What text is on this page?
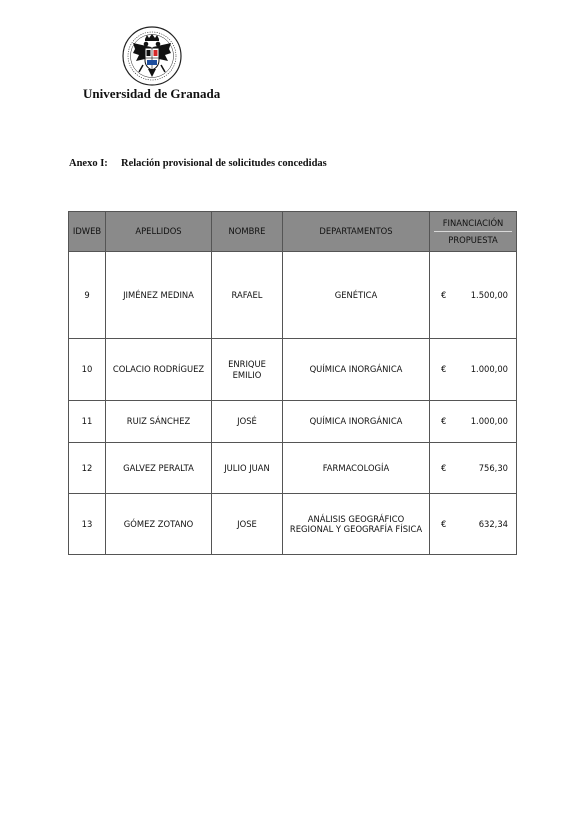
Universidad de Granada
Anexo I: Relación provisional de solicitudes concedidas
IDWEB	APELLIDOS	NOMBRE	DEPARTAMENTOS	FINANCIACIÓN
PROPUESTA

9	JIMÉNEZ MEDINA	RAFAEL	GENÉTICA	€ 1.500,00

10	COLACIO RODRÍGUEZ	ENRIQUE EMILIO	QUÍMICA INORGÁNICA	€ 1.000,00

11	RUIZ SÁNCHEZ	JOSÉ	QUÍMICA INORGÁNICA	€ 1.000,00

12	GALVEZ PERALTA	JULIO JUAN	FARMACOLOGÍA	€ 756,30

13	GÓMEZ ZOTANO	JOSE	ANÁLISIS GEOGRÁFICO REGIONAL Y GEOGRAFÍA FÍSICA	€ 632,34
